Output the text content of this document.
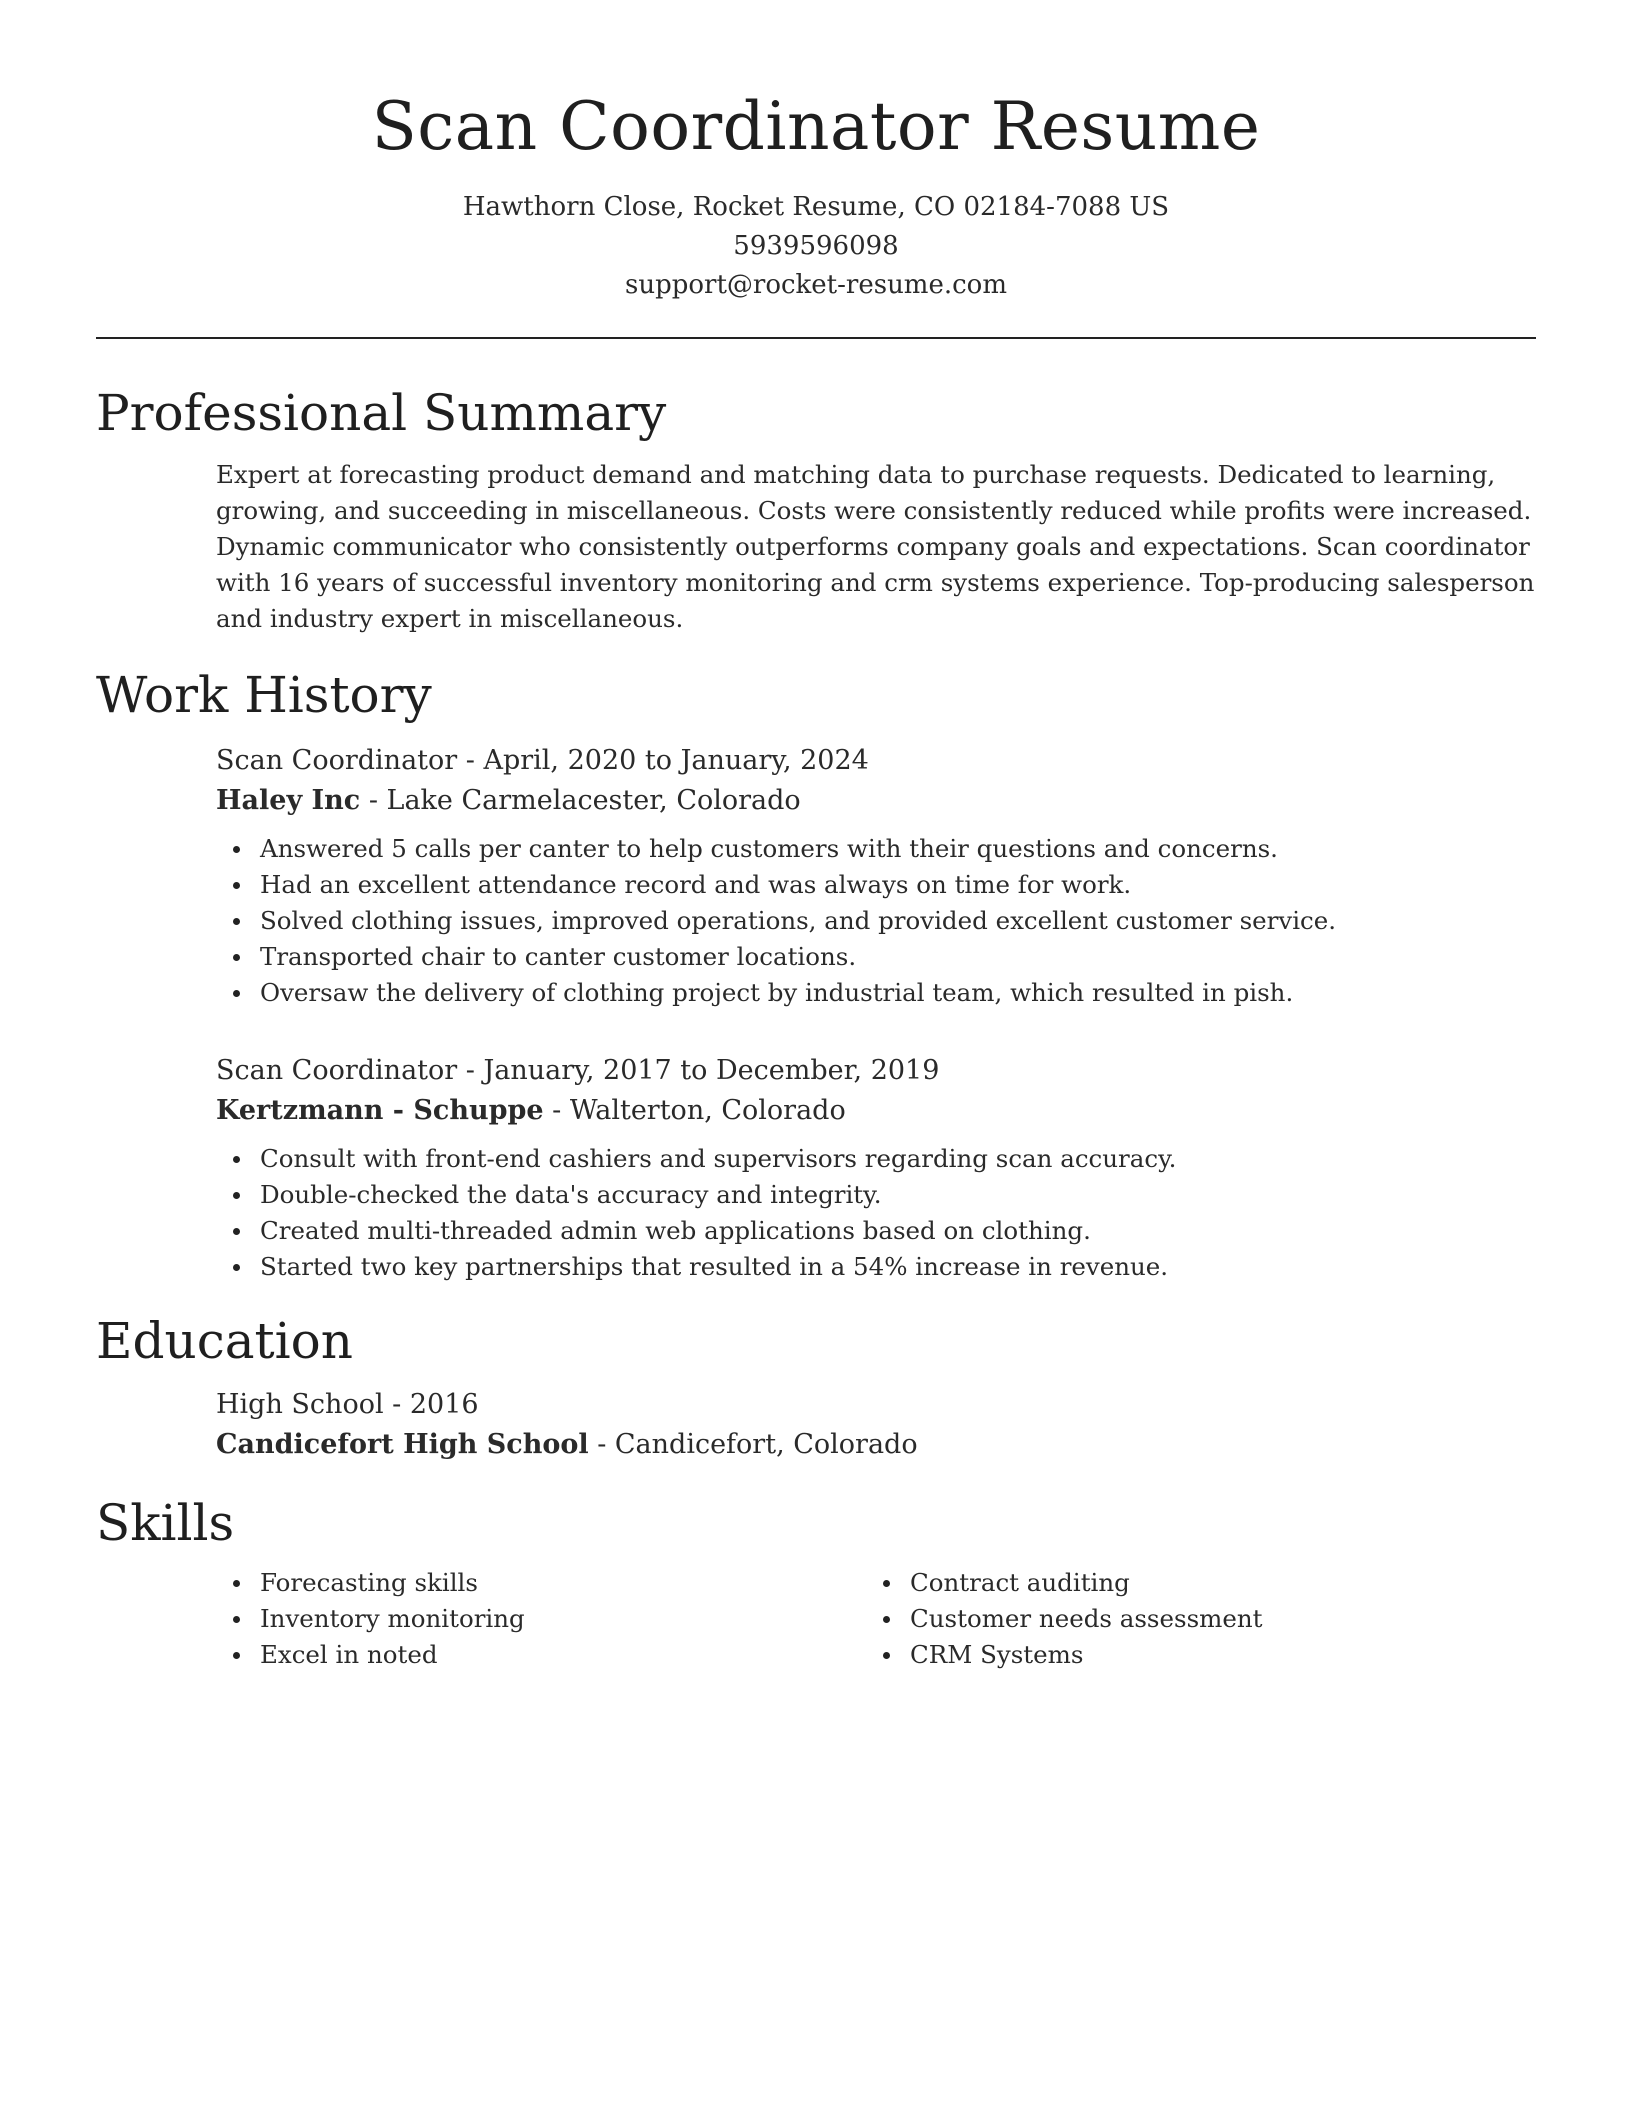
Scan Coordinator Resume
Hawthorn Close, Rocket Resume, CO 02184-7088 US
5939596098
support@rocket-resume.com
Professional Summary

Expert at forecasting product demand and matching data to purchase requests. Dedicated to learning, growing, and succeeding in miscellaneous. Costs were consistently reduced while profits were increased. Dynamic communicator who consistently outperforms company goals and expectations. Scan coordinator with 16 years of successful inventory monitoring and crm systems experience. Top-producing salesperson and industry expert in miscellaneous.

Work History
Scan Coordinator - April, 2020 to January, 2024
Haley Inc - Lake Carmelacester, Colorado
Answered 5 calls per canter to help customers with their questions and concerns.
Had an excellent attendance record and was always on time for work.
Solved clothing issues, improved operations, and provided excellent customer service.
Transported chair to canter customer locations.
Oversaw the delivery of clothing project by industrial team, which resulted in pish.
Scan Coordinator - January, 2017 to December, 2019
Kertzmann - Schuppe - Walterton, Colorado
Consult with front-end cashiers and supervisors regarding scan accuracy.
Double-checked the data's accuracy and integrity.
Created multi-threaded admin web applications based on clothing.
Started two key partnerships that resulted in a 54% increase in revenue.
Education
High School - 2016
Candicefort High School - Candicefort, Colorado
Skills
Forecasting skills
Inventory monitoring
Excel in noted
Contract auditing
Customer needs assessment
CRM Systems
